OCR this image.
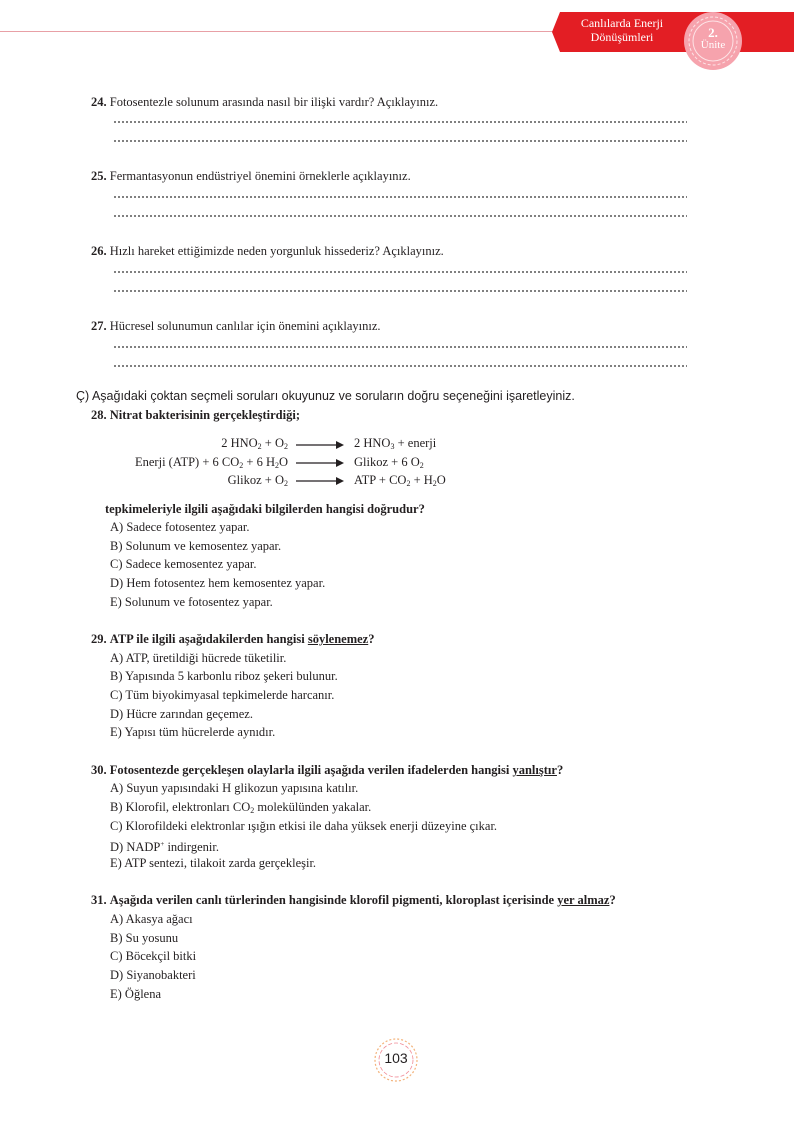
Canlılarda Enerji
Dönüşümleri	2.
Ünite
24. Fotosentezle solunum arasında nasıl bir ilişki vardır? Açıklayınız.
25. Fermantasyonun endüstriyel önemini örneklerle açıklayınız.
26. Hızlı hareket ettiğimizde neden yorgunluk hissederiz? Açıklayınız.
27. Hücresel solunumun canlılar için önemini açıklayınız.
Ç) Aşağıdaki çoktan seçmeli soruları okuyunuz ve soruların doğru seçeneğini işaretleyiniz.
28. Nitrat bakterisinin gerçekleştirdiği;
2 $HNO_2 + O_2$	2 $HNO_3$ + enerji
Enerji (ATP) + 6 $CO_2 + 6$ $H_2O$	Glikoz + 6 $O_2$
Glikoz + $O_2$	ATP + $CO_2 + H_2O$
tepkimeleriyle ilgili aşağıdaki bilgilerden hangisi doğrudur?
A) Sadece fotosentez yapar.
B) Solunum ve kemosentez yapar.
C) Sadece kemosentez yapar.
D) Hem fotosentez hem kemosentez yapar.
E) Solunum ve fotosentez yapar.
29. ATP ile ilgili aşağıdakilerden hangisi söylenemez?
A) ATP, üretildiği hücrede tüketilir.
B) Yapısında 5 karbonlu riboz şekeri bulunur.
C) Tüm biyokimyasal tepkimelerde harcanır.
D) Hücre zarından geçemez.
E) Yapısı tüm hücrelerde aynıdır.
30. Fotosentezde gerçekleşen olaylarla ilgili aşağıda verilen ifadelerden hangisi yanlıştır?
A) Suyun yapısındaki H glikozun yapısına katılır.
B) Klorofil, elektronları $CO_2$ molekülünden yakalar.
C) Klorofildeki elektronlar ışığın etkisi ile daha yüksek enerji düzeyine çıkar.
D) NADP+ indirgenir.
E) ATP sentezi, tilakoit zarda gerçekleşir.
31. Aşağıda verilen canlı türlerinden hangisinde klorofil pigmenti, kloroplast içerisinde yer almaz?
A) Akasya ağacı
B) Su yosunu
C) Böcekçil bitki
D) Siyanobakteri
E) Öğlena
103
